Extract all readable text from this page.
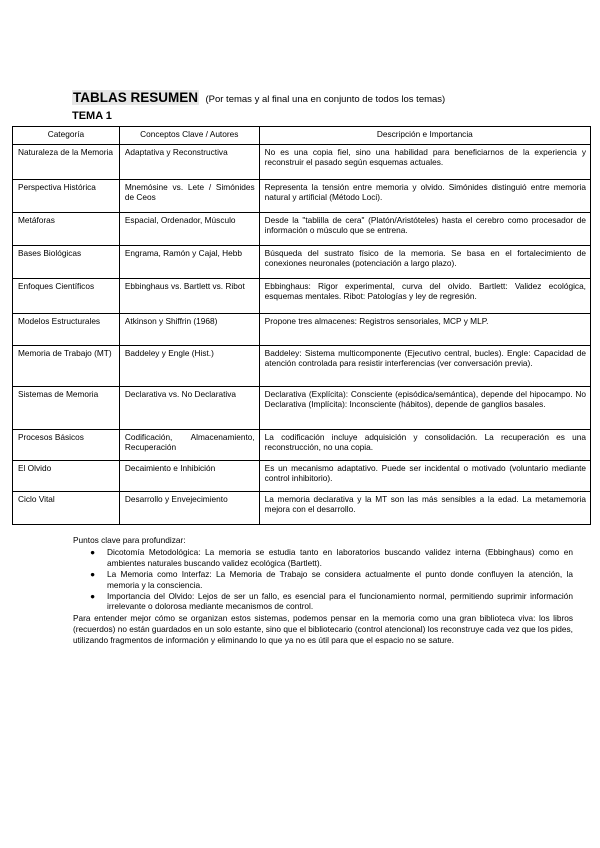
TABLAS RESUMEN (Por temas y al final una en conjunto de todos los temas)
TEMA 1
Categoría	Conceptos Clave / Autores	Descripción e Importancia
Naturaleza de la Memoria	Adaptativa y Reconstructiva	No es una copia fiel, sino una habilidad para beneficiarnos de la experiencia y reconstruir el pasado según esquemas actuales.
Perspectiva Histórica	Mnemósine vs. Lete / Simónides de Ceos	Representa la tensión entre memoria y olvido. Simónides distinguió entre memoria natural y artificial (Método Loci).
Metáforas	Espacial, Ordenador, Músculo	Desde la "tablilla de cera" (Platón/Aristóteles) hasta el cerebro como procesador de información o músculo que se entrena.
Bases Biológicas	Engrama, Ramón y Cajal, Hebb	Búsqueda del sustrato físico de la memoria. Se basa en el fortalecimiento de conexiones neuronales (potenciación a largo plazo).
Enfoques Científicos	Ebbinghaus vs. Bartlett vs. Ribot	Ebbinghaus: Rigor experimental, curva del olvido. Bartlett: Validez ecológica, esquemas mentales. Ribot: Patologías y ley de regresión.
Modelos Estructurales	Atkinson y Shiffrin (1968)	Propone tres almacenes: Registros sensoriales, MCP y MLP.
Memoria de Trabajo (MT)	Baddeley y Engle (Hist.)	Baddeley: Sistema multicomponente (Ejecutivo central, bucles). Engle: Capacidad de atención controlada para resistir interferencias (ver conversación previa).
Sistemas de Memoria	Declarativa vs. No Declarativa	Declarativa (Explícita): Consciente (episódica/semántica), depende del hipocampo. No Declarativa (Implícita): Inconsciente (hábitos), depende de ganglios basales.
Procesos Básicos	Codificación, Almacenamiento, Recuperación	La codificación incluye adquisición y consolidación. La recuperación es una reconstrucción, no una copia.
El Olvido	Decaimiento e Inhibición	Es un mecanismo adaptativo. Puede ser incidental o motivado (voluntario mediante control inhibitorio).
Ciclo Vital	Desarrollo y Envejecimiento	La memoria declarativa y la MT son las más sensibles a la edad. La metamemoria mejora con el desarrollo.
Puntos clave para profundizar:
● Dicotomía Metodológica: La memoria se estudia tanto en laboratorios buscando validez interna (Ebbinghaus) como en ambientes naturales buscando validez ecológica (Bartlett).
● La Memoria como Interfaz: La Memoria de Trabajo se considera actualmente el punto donde confluyen la atención, la memoria y la consciencia.
● Importancia del Olvido: Lejos de ser un fallo, es esencial para el funcionamiento normal, permitiendo suprimir información irrelevante o dolorosa mediante mecanismos de control.
Para entender mejor cómo se organizan estos sistemas, podemos pensar en la memoria como una gran biblioteca viva: los libros (recuerdos) no están guardados en un solo estante, sino que el bibliotecario (control atencional) los reconstruye cada vez que los pides, utilizando fragmentos de información y eliminando lo que ya no es útil para que el espacio no se sature.
